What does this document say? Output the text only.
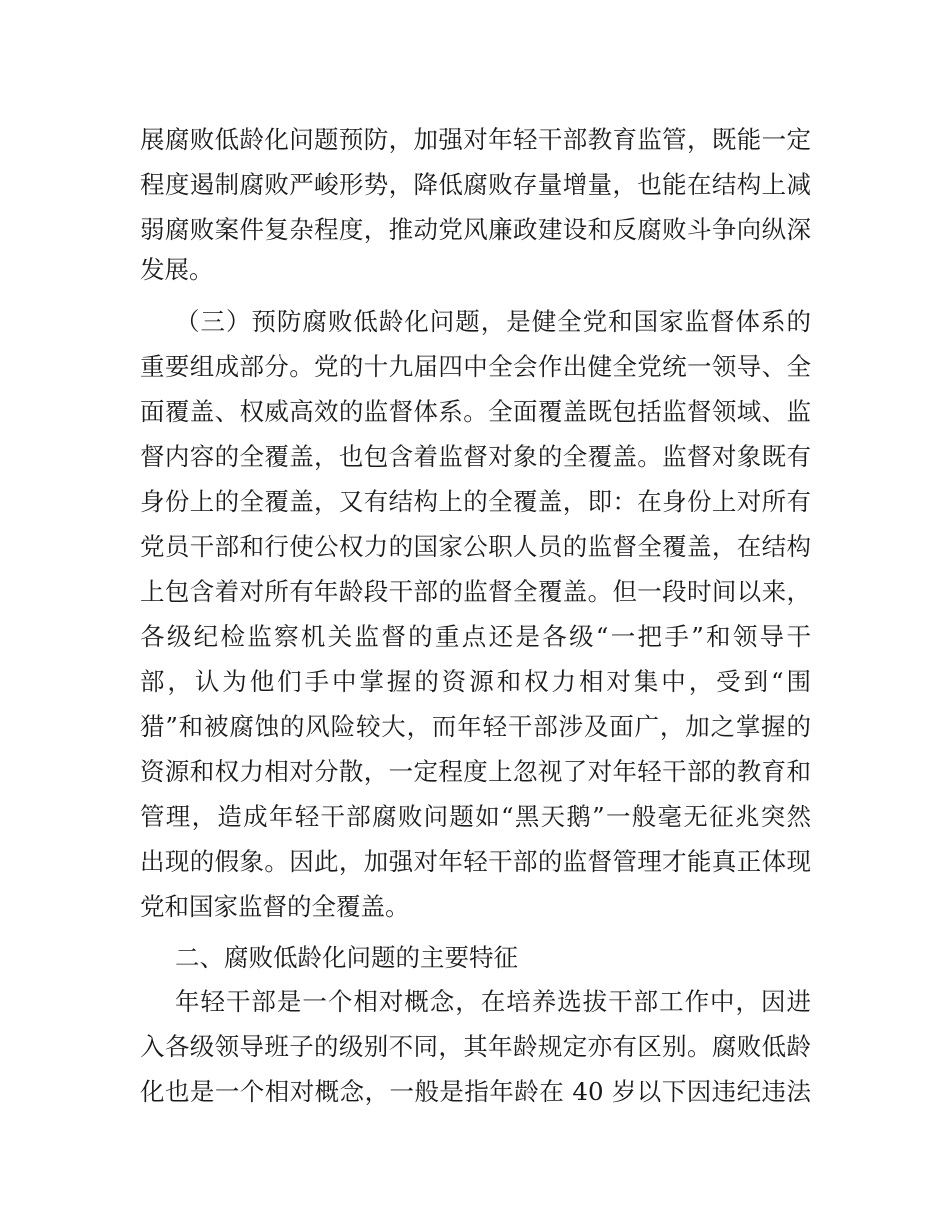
展腐败低龄化问题预防，加强对年轻干部教育监管，既能一定
程度遏制腐败严峻形势，降低腐败存量增量，也能在结构上减
弱腐败案件复杂程度，推动党风廉政建设和反腐败斗争向纵深
发展。
（三）预防腐败低龄化问题，是健全党和国家监督体系的
重要组成部分。党的十九届四中全会作出健全党统一领导、全
面覆盖、权威高效的监督体系。全面覆盖既包括监督领域、监
督内容的全覆盖，也包含着监督对象的全覆盖。监督对象既有
身份上的全覆盖，又有结构上的全覆盖，即：在身份上对所有
党员干部和行使公权力的国家公职人员的监督全覆盖，在结构
上包含着对所有年龄段干部的监督全覆盖。但一段时间以来，
各级纪检监察机关监督的重点还是各级“一把手”和领导干
部，认为他们手中掌握的资源和权力相对集中，受到“围
猎”和被腐蚀的风险较大，而年轻干部涉及面广，加之掌握的
资源和权力相对分散，一定程度上忽视了对年轻干部的教育和
管理，造成年轻干部腐败问题如“黑天鹅”一般毫无征兆突然
出现的假象。因此，加强对年轻干部的监督管理才能真正体现
党和国家监督的全覆盖。
二、腐败低龄化问题的主要特征
年轻干部是一个相对概念，在培养选拔干部工作中，因进
入各级领导班子的级别不同，其年龄规定亦有区别。腐败低龄
化也是一个相对概念，一般是指年龄在 40 岁以下因违纪违法
